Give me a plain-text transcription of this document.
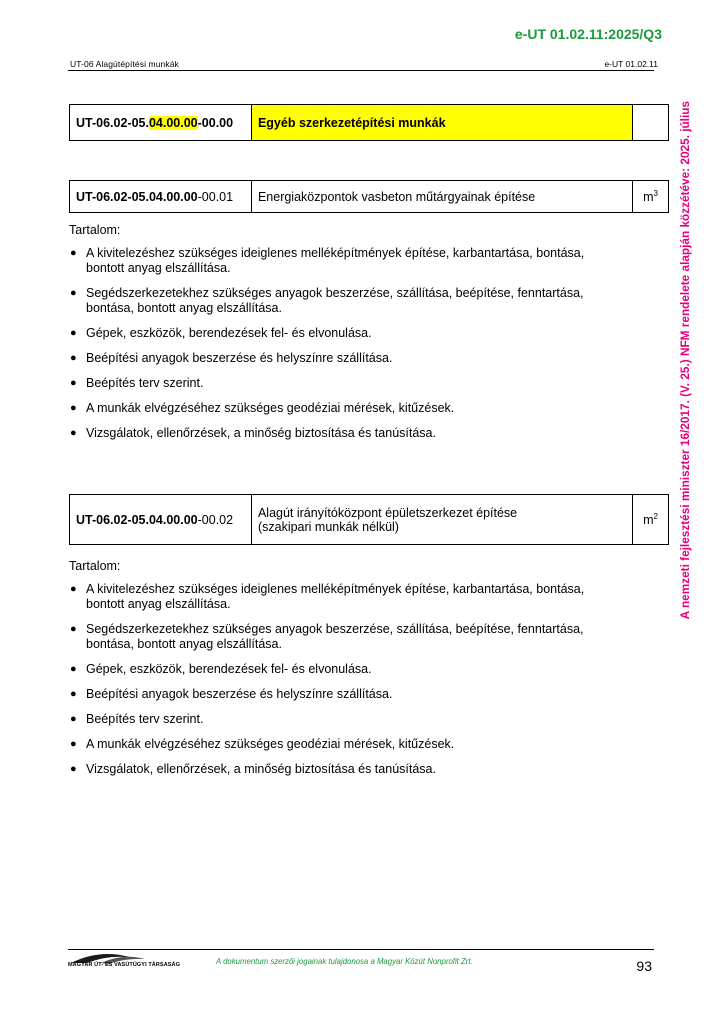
e-UT 01.02.11:2025/Q3
UT-06 Alagútépítési munkák	e-UT 01.02.11
A nemzeti fejlesztési miniszter 16/2017. (V. 25.) NFM rendelete alapján közzétéve: 2025. július
UT-06.02-05.04.00.00-00.00	Egyéb szerkezetépítési munkák	
UT-06.02-05.04.00.00-00.01	Energiaközpontok vasbeton műtárgyainak építése	$m^3$
Tartalom:
● A kivitelezéshez szükséges ideiglenes melléképítmények építése, karbantartása, bontása,
bontott anyag elszállítása.
● Segédszerkezetekhez szükséges anyagok beszerzése, szállítása, beépítése, fenntartása,
bontása, bontott anyag elszállítása.
● Gépek, eszközök, berendezések fel- és elvonulása.
● Beépítési anyagok beszerzése és helyszínre szállítása.
● Beépítés terv szerint.
● A munkák elvégzéséhez szükséges geodéziai mérések, kitűzések.
● Vizsgálatok, ellenőrzések, a minőség biztosítása és tanúsítása.
UT-06.02-05.04.00.00-00.02	Alagút irányítóközpont épületszerkezet építése
(szakipari munkák nélkül)	$m^2$
Tartalom:
● A kivitelezéshez szükséges ideiglenes melléképítmények építése, karbantartása, bontása,
bontott anyag elszállítása.
● Segédszerkezetekhez szükséges anyagok beszerzése, szállítása, beépítése, fenntartása,
bontása, bontott anyag elszállítása.
● Gépek, eszközök, berendezések fel- és elvonulása.
● Beépítési anyagok beszerzése és helyszínre szállítása.
● Beépítés terv szerint.
● A munkák elvégzéséhez szükséges geodéziai mérések, kitűzések.
● Vizsgálatok, ellenőrzések, a minőség biztosítása és tanúsítása.
MAGYAR ÚT- ÉS VASÚTÜGYI TÁRSASÁG	A dokumentum szerzői jogainak tulajdonosa a Magyar Közút Nonprofit Zrt.	93
